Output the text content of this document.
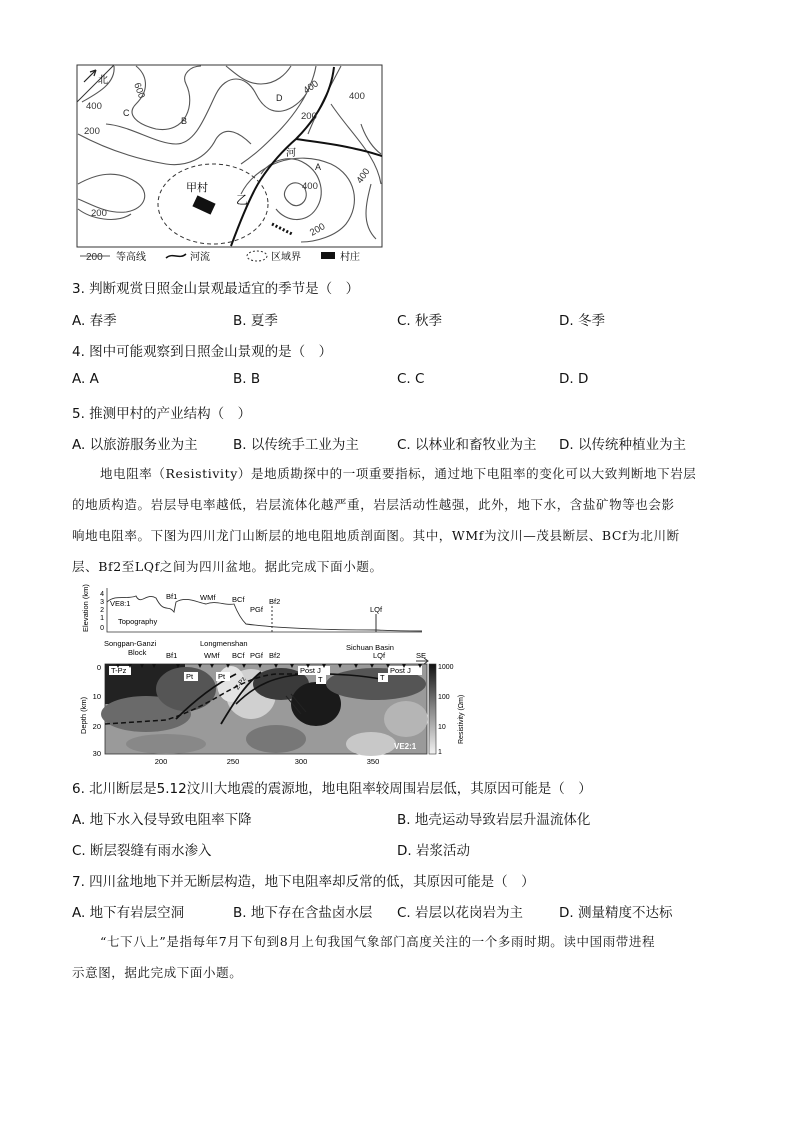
北
甲村
乙
河
600
400
400
200
200
200
400
400
200
400
C
B
D
A
200 等高线	河流	区域界	村庄
3. 判断观赏日照金山景观最适宜的季节是（　）
A. 春季	B. 夏季	C. 秋季	D. 冬季
4. 图中可能观察到日照金山景观的是（　）
A. A	B. B	C. C	D. D
5. 推测甲村的产业结构（　）
A. 以旅游服务业为主	B. 以传统手工业为主	C. 以林业和畜牧业为主 D. 以传统种植业为主
地电阻率（Resistivity）是地质勘探中的一项重要指标，通过地下电阻率的变化可以大致判断地下岩层
的地质构造。岩层导电率越低，岩层流体化越严重，岩层活动性越强，此外，地下水，含盐矿物等也会影
响地电阻率。下图为四川龙门山断层的地电阻地质剖面图。其中，WMf为汶川—茂县断层、BCf为北川断
层、Bf2至LQf之间为四川盆地。据此完成下面小题。
Elevation (km) 4
3
2
1
0
VE8:1
Topography
Bf1	WMf BCf
PGf
Bf2
LQf
Songpan-Ganzi
Block
Longmenshan	Sichuan Basin
SE
Bf1	WMf BCf PGf Bf2	LQf
Depth (km)
0
10
20
30
T-Pz
Pt	Pt
Post J
T
Post J
T
Z-Pz
VE2:1
200	250	300	350
1000
100
10
1
Resistivity (Ωm)
6. 北川断层是5.12汶川大地震的震源地，地电阻率较周围岩层低，其原因可能是（　）
A. 地下水入侵导致电阻率下降	B. 地壳运动导致岩层升温流体化
C. 断层裂缝有雨水渗入	D. 岩浆活动
7. 四川盆地地下并无断层构造，地下电阻率却反常的低，其原因可能是（　）
A. 地下有岩层空洞	B. 地下存在含盐卤水层 C. 岩层以花岗岩为主	D. 测量精度不达标
“七下八上”是指每年7月下旬到8月上旬我国气象部门高度关注的一个多雨时期。读中国雨带进程
示意图，据此完成下面小题。
